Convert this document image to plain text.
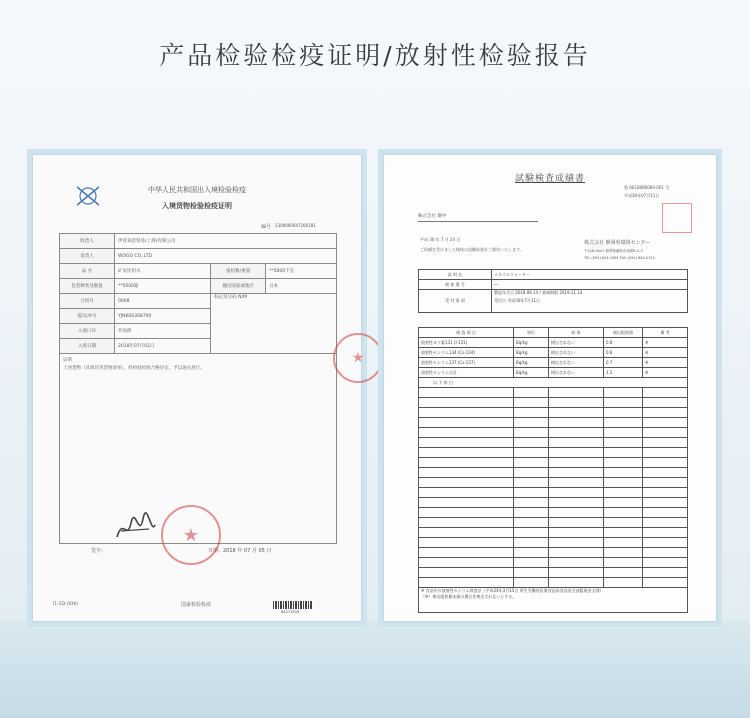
产品检验检疫证明/放射性检验报告
中华人民共和国出入境检验检疫
入境货物检验检疫证明
编号 1300000047206181
收货人	伊普莱恩贸易(上海)有限公司		
发货人	WOGO CO.,LTD		
品 名	矿泉饮用水	报检数/重量	**5000千克
包装种类及数量	**5000箱	输出国家或地区	日本
合同号	0008	标记及号码 N/M	
提/运单号	YJNK00308700		
入境口岸	外高桥		
入境日期	2018年07月02日		

证明
上述货物（具体详见货物清单），经检验检疫合格评定，予以通关放行。			
★
签字：	日期：2018 年 07 月 05 日
★
[1-3]3-(XXX)	国家检验检疫
8A271509
試験検査成績書
第 AE18080084-001 号
平成30年07月11日
株式会社 御中
平成 30 年 7 月 24 日
ご依頼を受けました検体の試験結果をご報告いたします。
株式会社 静岡県環境センター
〒426-0041 静岡県藤枝市高柳1-2-3
TEL (054) 644-1081 FAX (054) 644-2315
試 料 名	ミネラルウォーター
検 体 番 号	―
受 付 事 項	製造年月日 2018.06.14 / 賞味期限 2019.11.14
受付日 平成30年7月11日
検 査 項 目	単位	結 果	検出限界値	備 考
放射性ヨウ素131 (I-131)	Bq/kg	検出されない	0.8	※
放射性セシウム134 (Cs-134)	Bq/kg	検出されない	0.8	※
放射性セシウム137 (Cs-137)	Bq/kg	検出されない	0.7	※
放射性セシウム合計	Bq/kg	検出されない	1.5	※
以 下 余 白				

※ 食品中の放射性セシウム検査法（平成24年3月15日 厚生労働省医薬食品局食品安全部監視安全課）
（※）検出限界値未満の場合を検出されないとする。				
